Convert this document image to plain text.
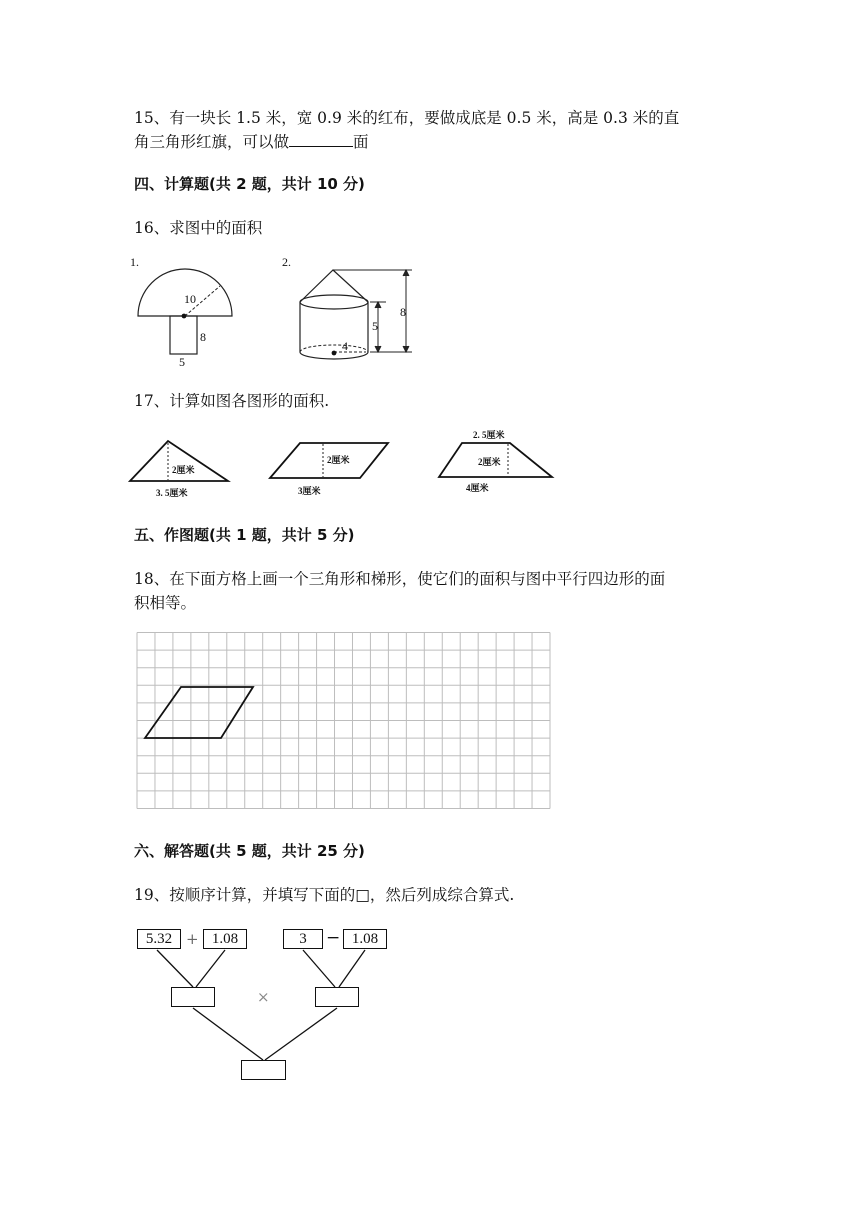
15、有一块长 1.5 米，宽 0.9 米的红布，要做成底是 0.5 米，高是 0.3 米的直
角三角形红旗，可以做	面
四、计算题(共 2 题，共计 10 分)
16、求图中的面积
1.
10
8
5
2.
4
5
8
17、计算如图各图形的面积.
2厘米
3. 5厘米
2厘米
3厘米
2. 5厘米
2厘米
4厘米
五、作图题(共 1 题，共计 5 分)
18、在下面方格上画一个三角形和梯形，使它们的面积与图中平行四边形的面
积相等。
六、解答题(共 5 题，共计 25 分)
19、按顺序计算，并填写下面的□，然后列成综合算式.
5.32 + 1.08	3	− 1.08
×
